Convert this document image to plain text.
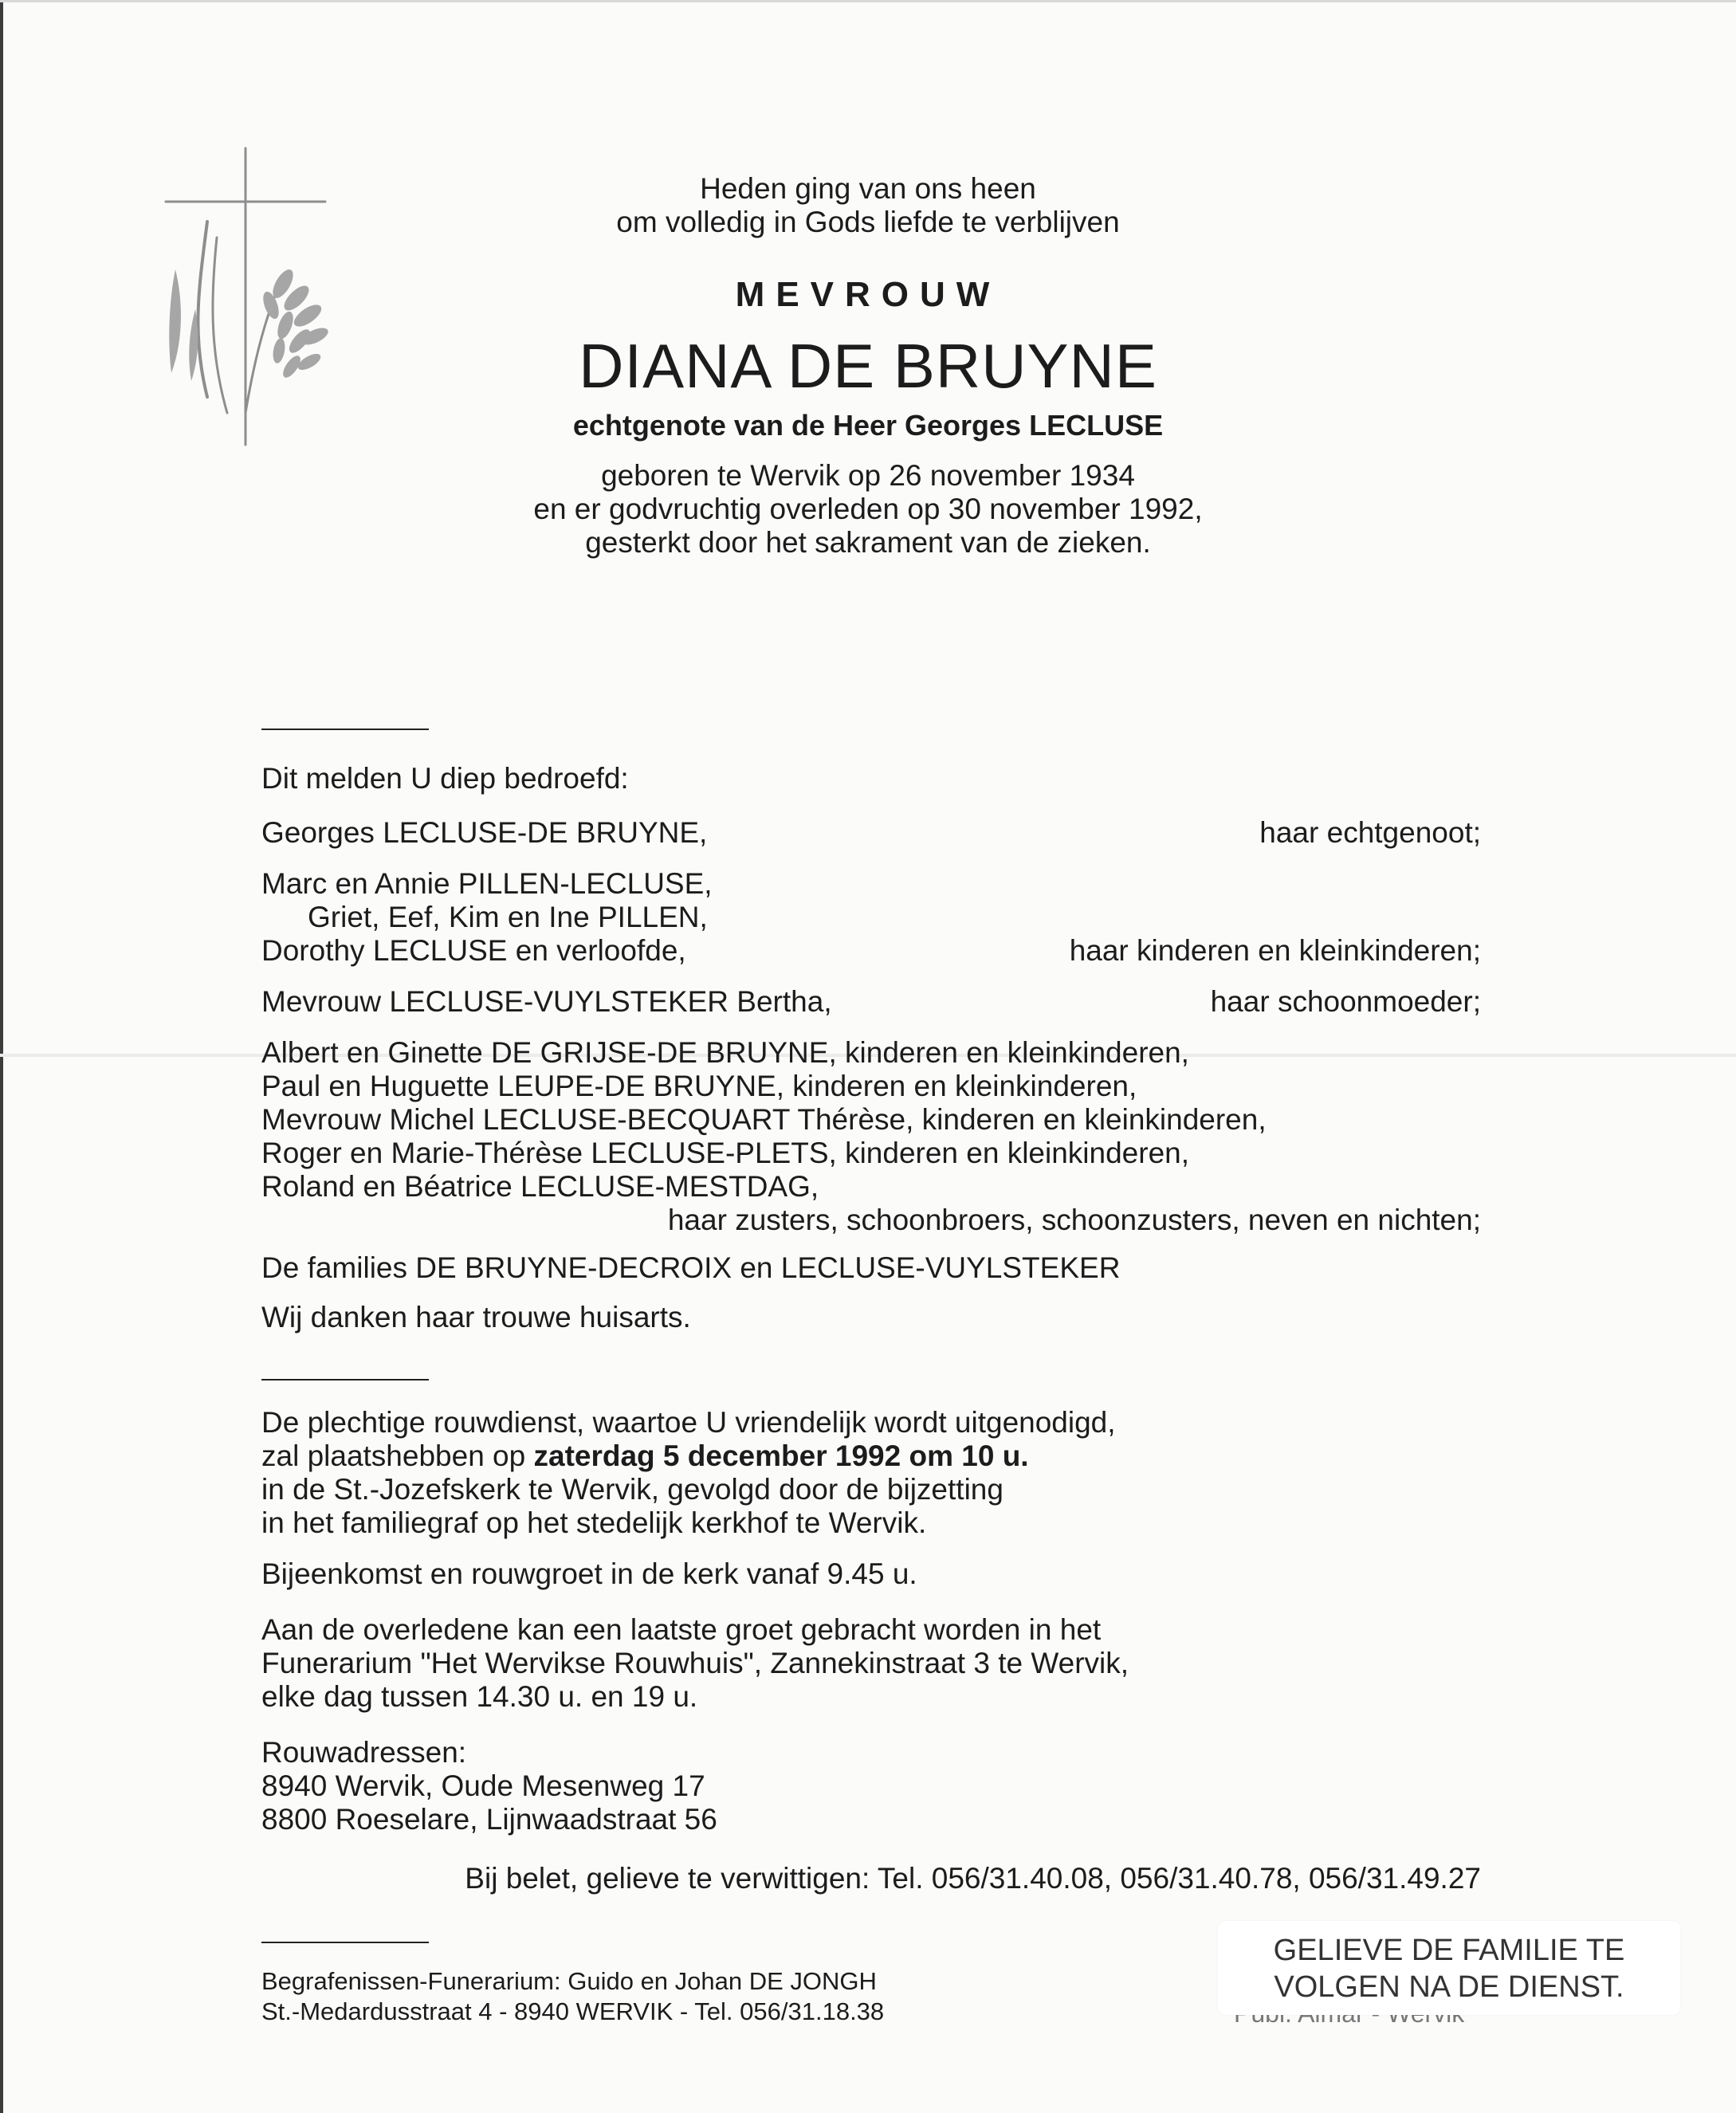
Heden ging van ons heen
om volledig in Gods liefde te verblijven
MEVROUW
DIANA DE BRUYNE
echtgenote van de Heer Georges LECLUSE
geboren te Wervik op 26 november 1934
en er godvruchtig overleden op 30 november 1992,
gesterkt door het sakrament van de zieken.
Dit melden U diep bedroefd:
Georges LECLUSE-DE BRUYNE,	haar echtgenoot;
Marc en Annie PILLEN-LECLUSE,
Griet, Eef, Kim en Ine PILLEN,
Dorothy LECLUSE en verloofde,	haar kinderen en kleinkinderen;
Mevrouw LECLUSE-VUYLSTEKER Bertha,	haar schoonmoeder;
Albert en Ginette DE GRIJSE-DE BRUYNE, kinderen en kleinkinderen,
Paul en Huguette LEUPE-DE BRUYNE, kinderen en kleinkinderen,
Mevrouw Michel LECLUSE-BECQUART Thérèse, kinderen en kleinkinderen,
Roger en Marie-Thérèse LECLUSE-PLETS, kinderen en kleinkinderen,
Roland en Béatrice LECLUSE-MESTDAG,
haar zusters, schoonbroers, schoonzusters, neven en nichten;
De families DE BRUYNE-DECROIX en LECLUSE-VUYLSTEKER
Wij danken haar trouwe huisarts.
De plechtige rouwdienst, waartoe U vriendelijk wordt uitgenodigd,
zal plaatshebben op zaterdag 5 december 1992 om 10 u.
in de St.-Jozefskerk te Wervik, gevolgd door de bijzetting
in het familiegraf op het stedelijk kerkhof te Wervik.
Bijeenkomst en rouwgroet in de kerk vanaf 9.45 u.
Aan de overledene kan een laatste groet gebracht worden in het
Funerarium "Het Wervikse Rouwhuis", Zannekinstraat 3 te Wervik,
elke dag tussen 14.30 u. en 19 u.
Rouwadressen:
8940 Wervik, Oude Mesenweg 17
8800 Roeselare, Lijnwaadstraat 56
Bij belet, gelieve te verwittigen: Tel. 056/31.40.08, 056/31.40.78, 056/31.49.27
Begrafenissen-Funerarium: Guido en Johan DE JONGH
St.-Medardusstraat 4 - 8940 WERVIK - Tel. 056/31.18.38
GELIEVE DE FAMILIE TE
VOLGEN NA DE DIENST.
